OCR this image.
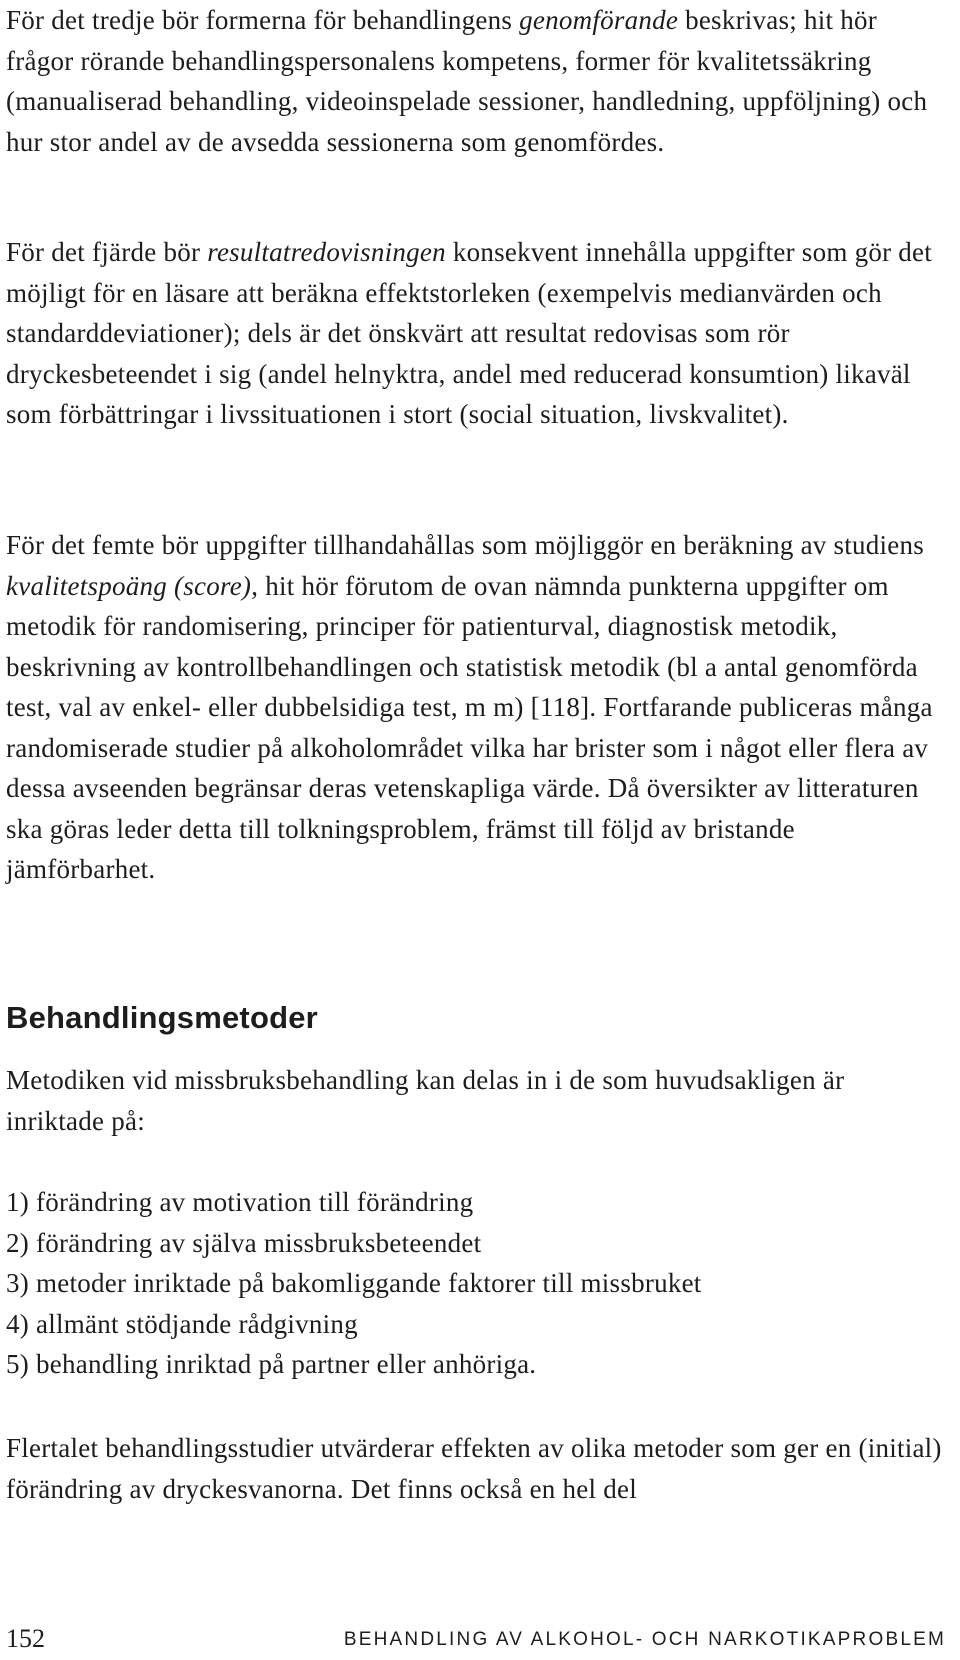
För det tredje bör formerna för behandlingens genomförande beskrivas; hit hör frågor rörande behandlingspersonalens kompetens, former för kvalitetssäkring (manualiserad behandling, videoinspelade sessioner, handledning, uppföljning) och hur stor andel av de avsedda sessionerna som genomfördes.

För det fjärde bör resultatredovisningen konsekvent innehålla uppgifter som gör det möjligt för en läsare att beräkna effektstorleken (exempelvis medianvärden och standarddeviationer); dels är det önskvärt att resultat redovisas som rör dryckesbeteendet i sig (andel helnyktra, andel med reducerad konsumtion) likaväl som förbättringar i livssituationen i stort (social situation, livskvalitet).

För det femte bör uppgifter tillhandahållas som möjliggör en beräkning av studiens kvalitetspoäng (score), hit hör förutom de ovan nämnda punkterna uppgifter om metodik för randomisering, principer för patienturval, diagnostisk metodik, beskrivning av kontrollbehandlingen och statistisk metodik (bl a antal genomförda test, val av enkel- eller dubbelsidiga test, m m) [118]. Fortfarande publiceras många randomiserade studier på alkoholområdet vilka har brister som i något eller flera av dessa avseenden begränsar deras vetenskapliga värde. Då översikter av litteraturen ska göras leder detta till tolkningsproblem, främst till följd av bristande jämförbarhet.

Behandlingsmetoder

Metodiken vid missbruksbehandling kan delas in i de som huvudsakligen är inriktade på:

1) förändring av motivation till förändring
2) förändring av själva missbruksbeteendet
3) metoder inriktade på bakomliggande faktorer till missbruket
4) allmänt stödjande rådgivning
5) behandling inriktad på partner eller anhöriga.

Flertalet behandlingsstudier utvärderar effekten av olika metoder som ger en (initial) förändring av dryckesvanorna. Det finns också en hel del

152	BEHANDLING AV ALKOHOL- OCH NARKOTIKAPROBLEM
